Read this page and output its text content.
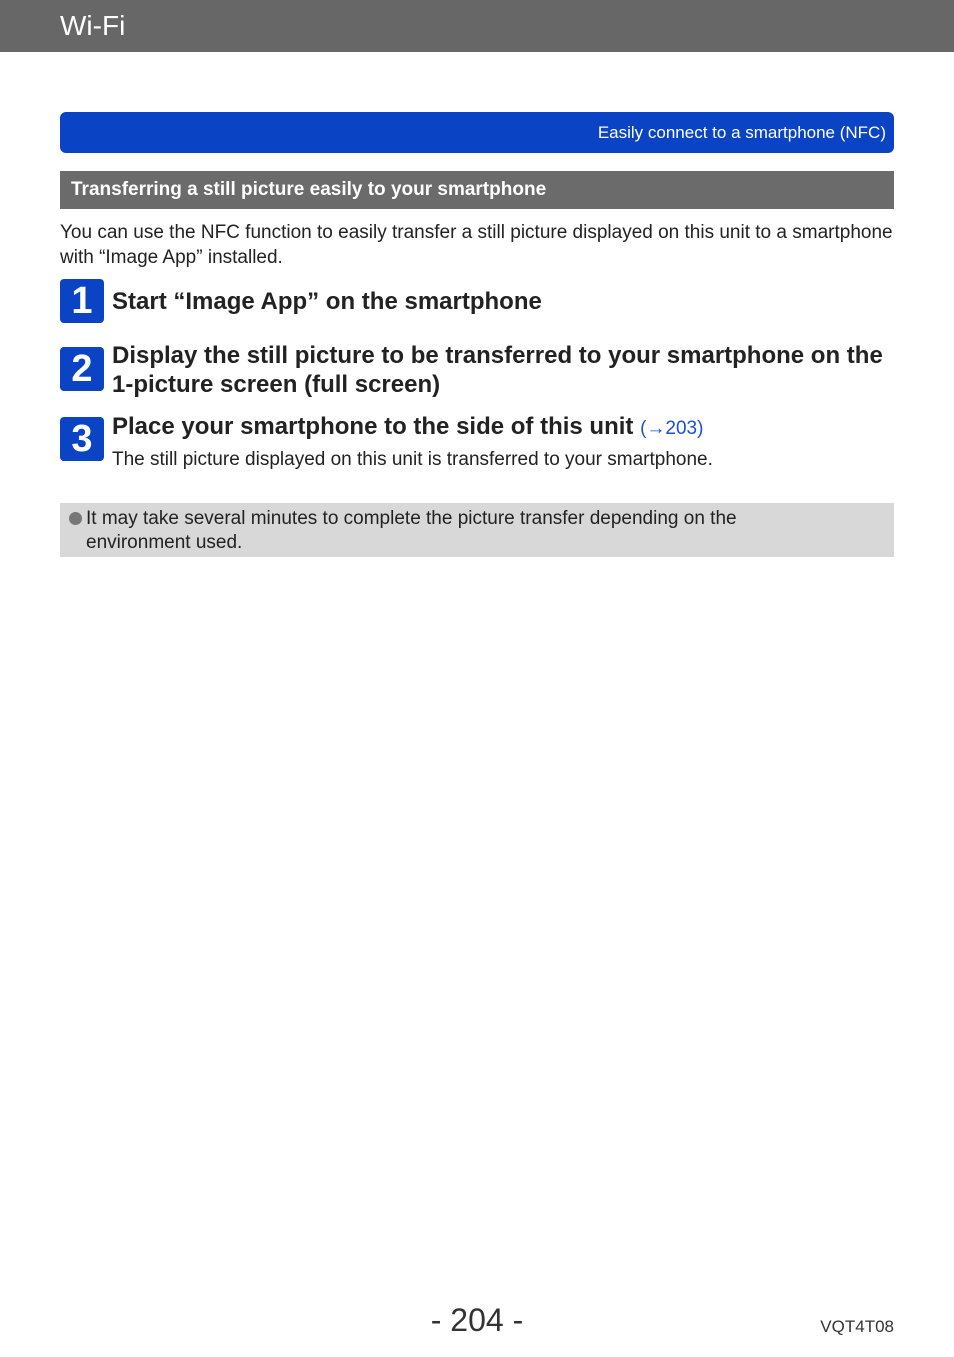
Wi-Fi
Easily connect to a smartphone (NFC)
Transferring a still picture easily to your smartphone
You can use the NFC function to easily transfer a still picture displayed on this unit to a smartphone with “Image App” installed.
1 Start “Image App” on the smartphone
2 Display the still picture to be transferred to your smartphone on the 1-picture screen (full screen)
3 Place your smartphone to the side of this unit (→203)
The still picture displayed on this unit is transferred to your smartphone.
It may take several minutes to complete the picture transfer depending on the environment used.
- 204 -	VQT4T08
